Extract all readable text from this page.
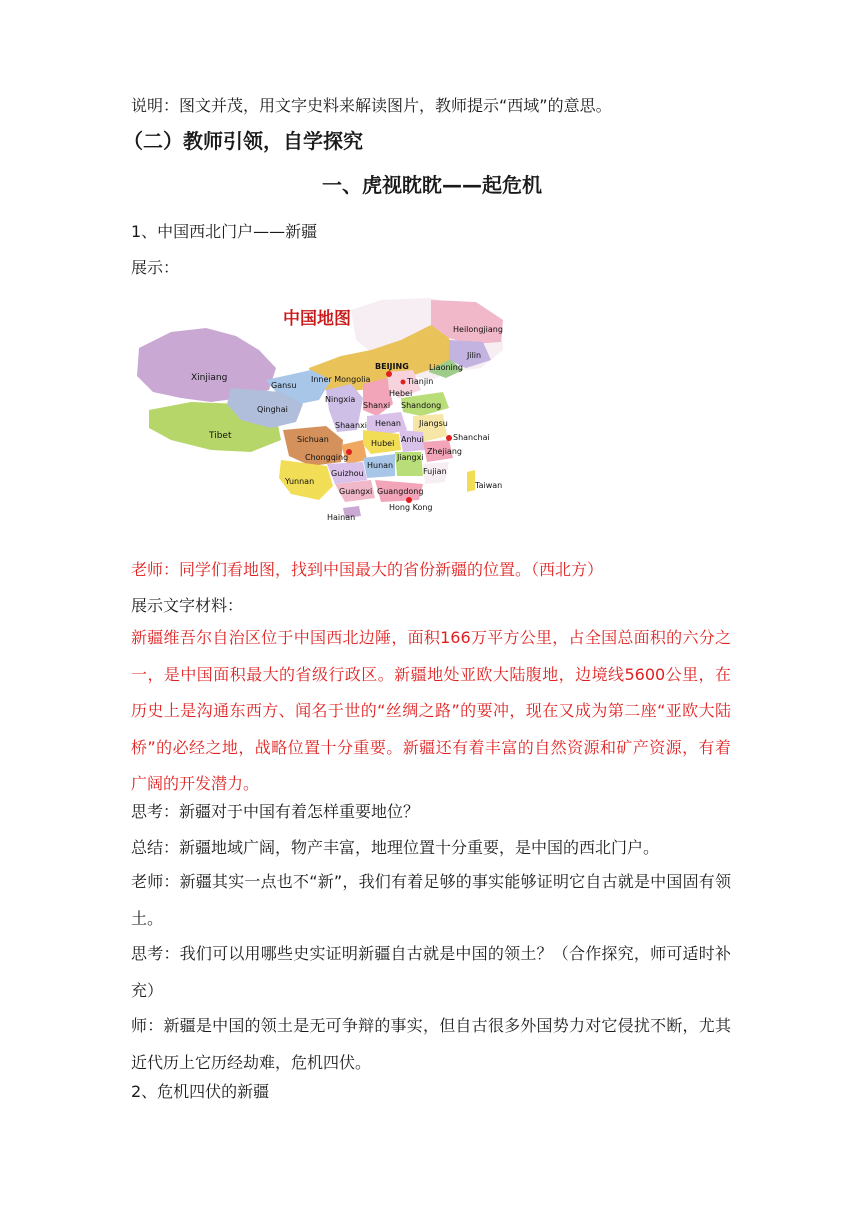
说明：图文并茂，用文字史料来解读图片，教师提示“西域”的意思。
（二）教师引领，自学探究
一、虎视眈眈——起危机
1、中国西北门户——新疆
展示：
中国地图
Heilongjiang
Jilin
Liaoning
BEIJING
Tianjin
Hebei
Xinjiang
Gansu
Inner Mongolia
Ningxia
Shanxi Shandong
Qinghai
Shaanxi Henan Jiangsu
Tibet	Sichuan	Hubei Anhui	Shanchai
Chongqing
Hunan
Jiangxi
Zhejiang
Guizhou	Fujian
Yunnan
Guangxi Guangdong
Taiwan
Hong Kong
Hainan
老师：同学们看地图，找到中国最大的省份新疆的位置。（西北方）
展示文字材料：
新疆维吾尔自治区位于中国西北边陲，面积166万平方公里，占全国总面积的六分之一，是中国面积最大的省级行政区。新疆地处亚欧大陆腹地，边境线5600公里，在历史上是沟通东西方、闻名于世的“丝绸之路”的要冲，现在又成为第二座“亚欧大陆桥”的必经之地，战略位置十分重要。新疆还有着丰富的自然资源和矿产资源，有着广阔的开发潜力。
思考：新疆对于中国有着怎样重要地位？
总结：新疆地域广阔，物产丰富，地理位置十分重要，是中国的西北门户。
老师：新疆其实一点也不“新”，我们有着足够的事实能够证明它自古就是中国固有领土。
思考：我们可以用哪些史实证明新疆自古就是中国的领土？（合作探究，师可适时补充）
师：新疆是中国的领土是无可争辩的事实，但自古很多外国势力对它侵扰不断，尤其近代历上它历经劫难，危机四伏。
2、危机四伏的新疆
